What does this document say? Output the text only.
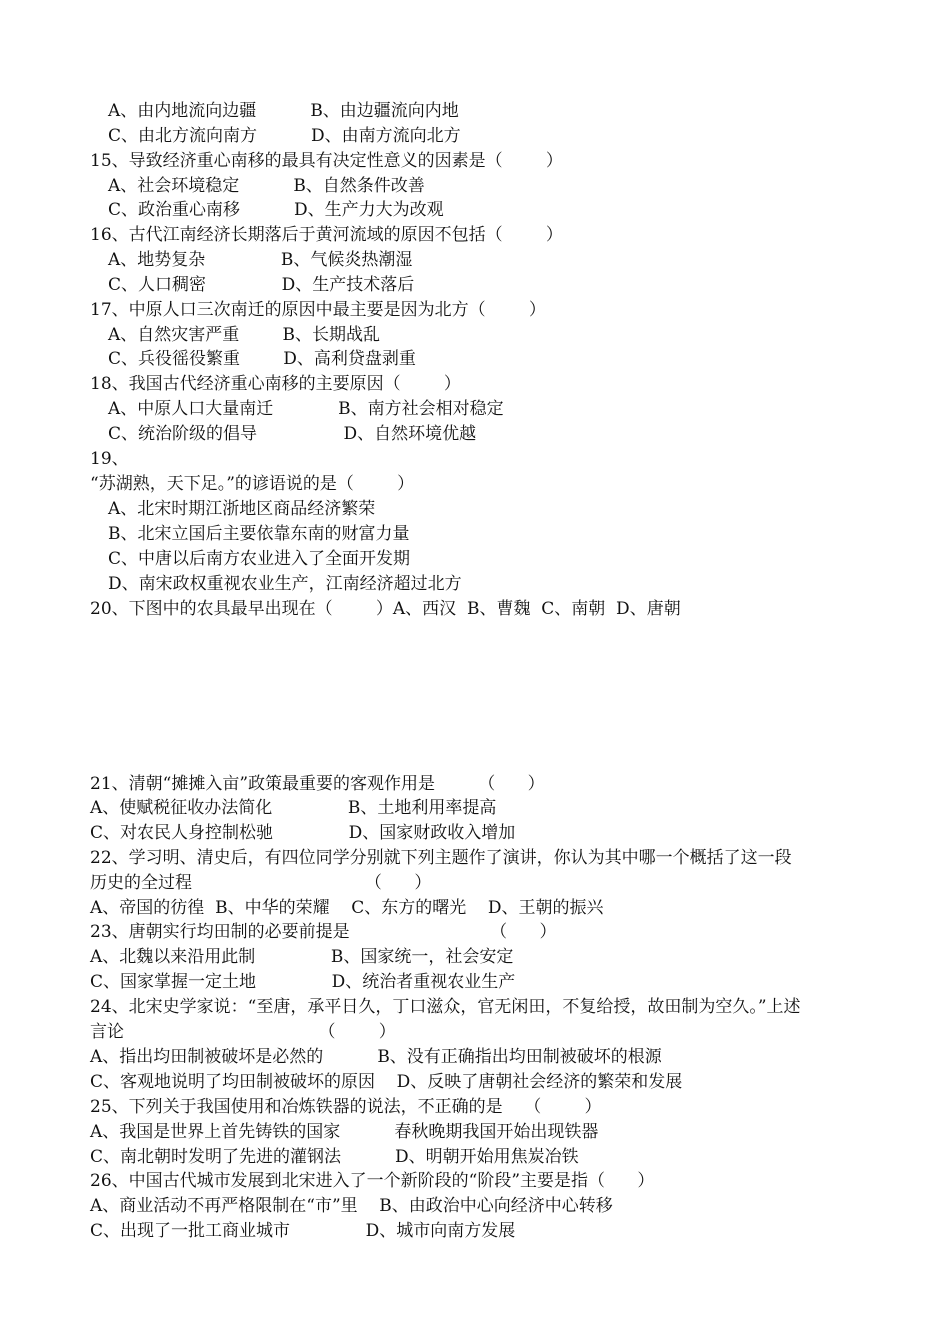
A、由内地流向边疆          B、由边疆流向内地
C、由北方流向南方          D、由南方流向北方
15、导致经济重心南移的最具有决定性意义的因素是（        ）
A、社会环境稳定          B、自然条件改善
C、政治重心南移          D、生产力大为改观
16、古代江南经济长期落后于黄河流域的原因不包括（        ）
A、地势复杂              B、气候炎热潮湿
C、人口稠密              D、生产技术落后
17、中原人口三次南迁的原因中最主要是因为北方（        ）
A、自然灾害严重        B、长期战乱
C、兵役徭役繁重        D、高利贷盘剥重
18、我国古代经济重心南移的主要原因（        ）
A、中原人口大量南迁            B、南方社会相对稳定
C、统治阶级的倡导                D、自然环境优越
19、
“苏湖熟，天下足。”的谚语说的是（        ）
A、北宋时期江浙地区商品经济繁荣
B、北宋立国后主要依靠东南的财富力量
C、中唐以后南方农业进入了全面开发期
D、南宋政权重视农业生产，江南经济超过北方
20、下图中的农具最早出现在（        ）A、西汉  B、曹魏  C、南朝  D、唐朝
21、清朝“摊摊入亩”政策最重要的客观作用是        （      ）
A、使赋税征收办法简化              B、土地利用率提高
C、对农民人身控制松驰              D、国家财政收入增加
22、学习明、清史后，有四位同学分别就下列主题作了演讲，你认为其中哪一个概括了这一段
历史的全过程                                （      ）
A、帝国的彷徨  B、中华的荣耀    C、东方的曙光    D、王朝的振兴
23、唐朝实行均田制的必要前提是                          （      ）
A、北魏以来沿用此制              B、国家统一，社会安定
C、国家掌握一定土地              D、统治者重视农业生产
24、北宋史学家说：“至唐，承平日久，丁口滋众，官无闲田，不复给授，故田制为空久。”上述
言论                                    （        ）
A、指出均田制被破坏是必然的          B、没有正确指出均田制被破坏的根源
C、客观地说明了均田制被破坏的原因    D、反映了唐朝社会经济的繁荣和发展
25、下列关于我国使用和冶炼铁器的说法，不正确的是    （        ）
A、我国是世界上首先铸铁的国家          春秋晚期我国开始出现铁器
C、南北朝时发明了先进的灌钢法          D、明朝开始用焦炭冶铁
26、中国古代城市发展到北宋进入了一个新阶段的“阶段”主要是指（      ）
A、商业活动不再严格限制在“市”里    B、由政治中心向经济中心转移
C、出现了一批工商业城市              D、城市向南方发展
